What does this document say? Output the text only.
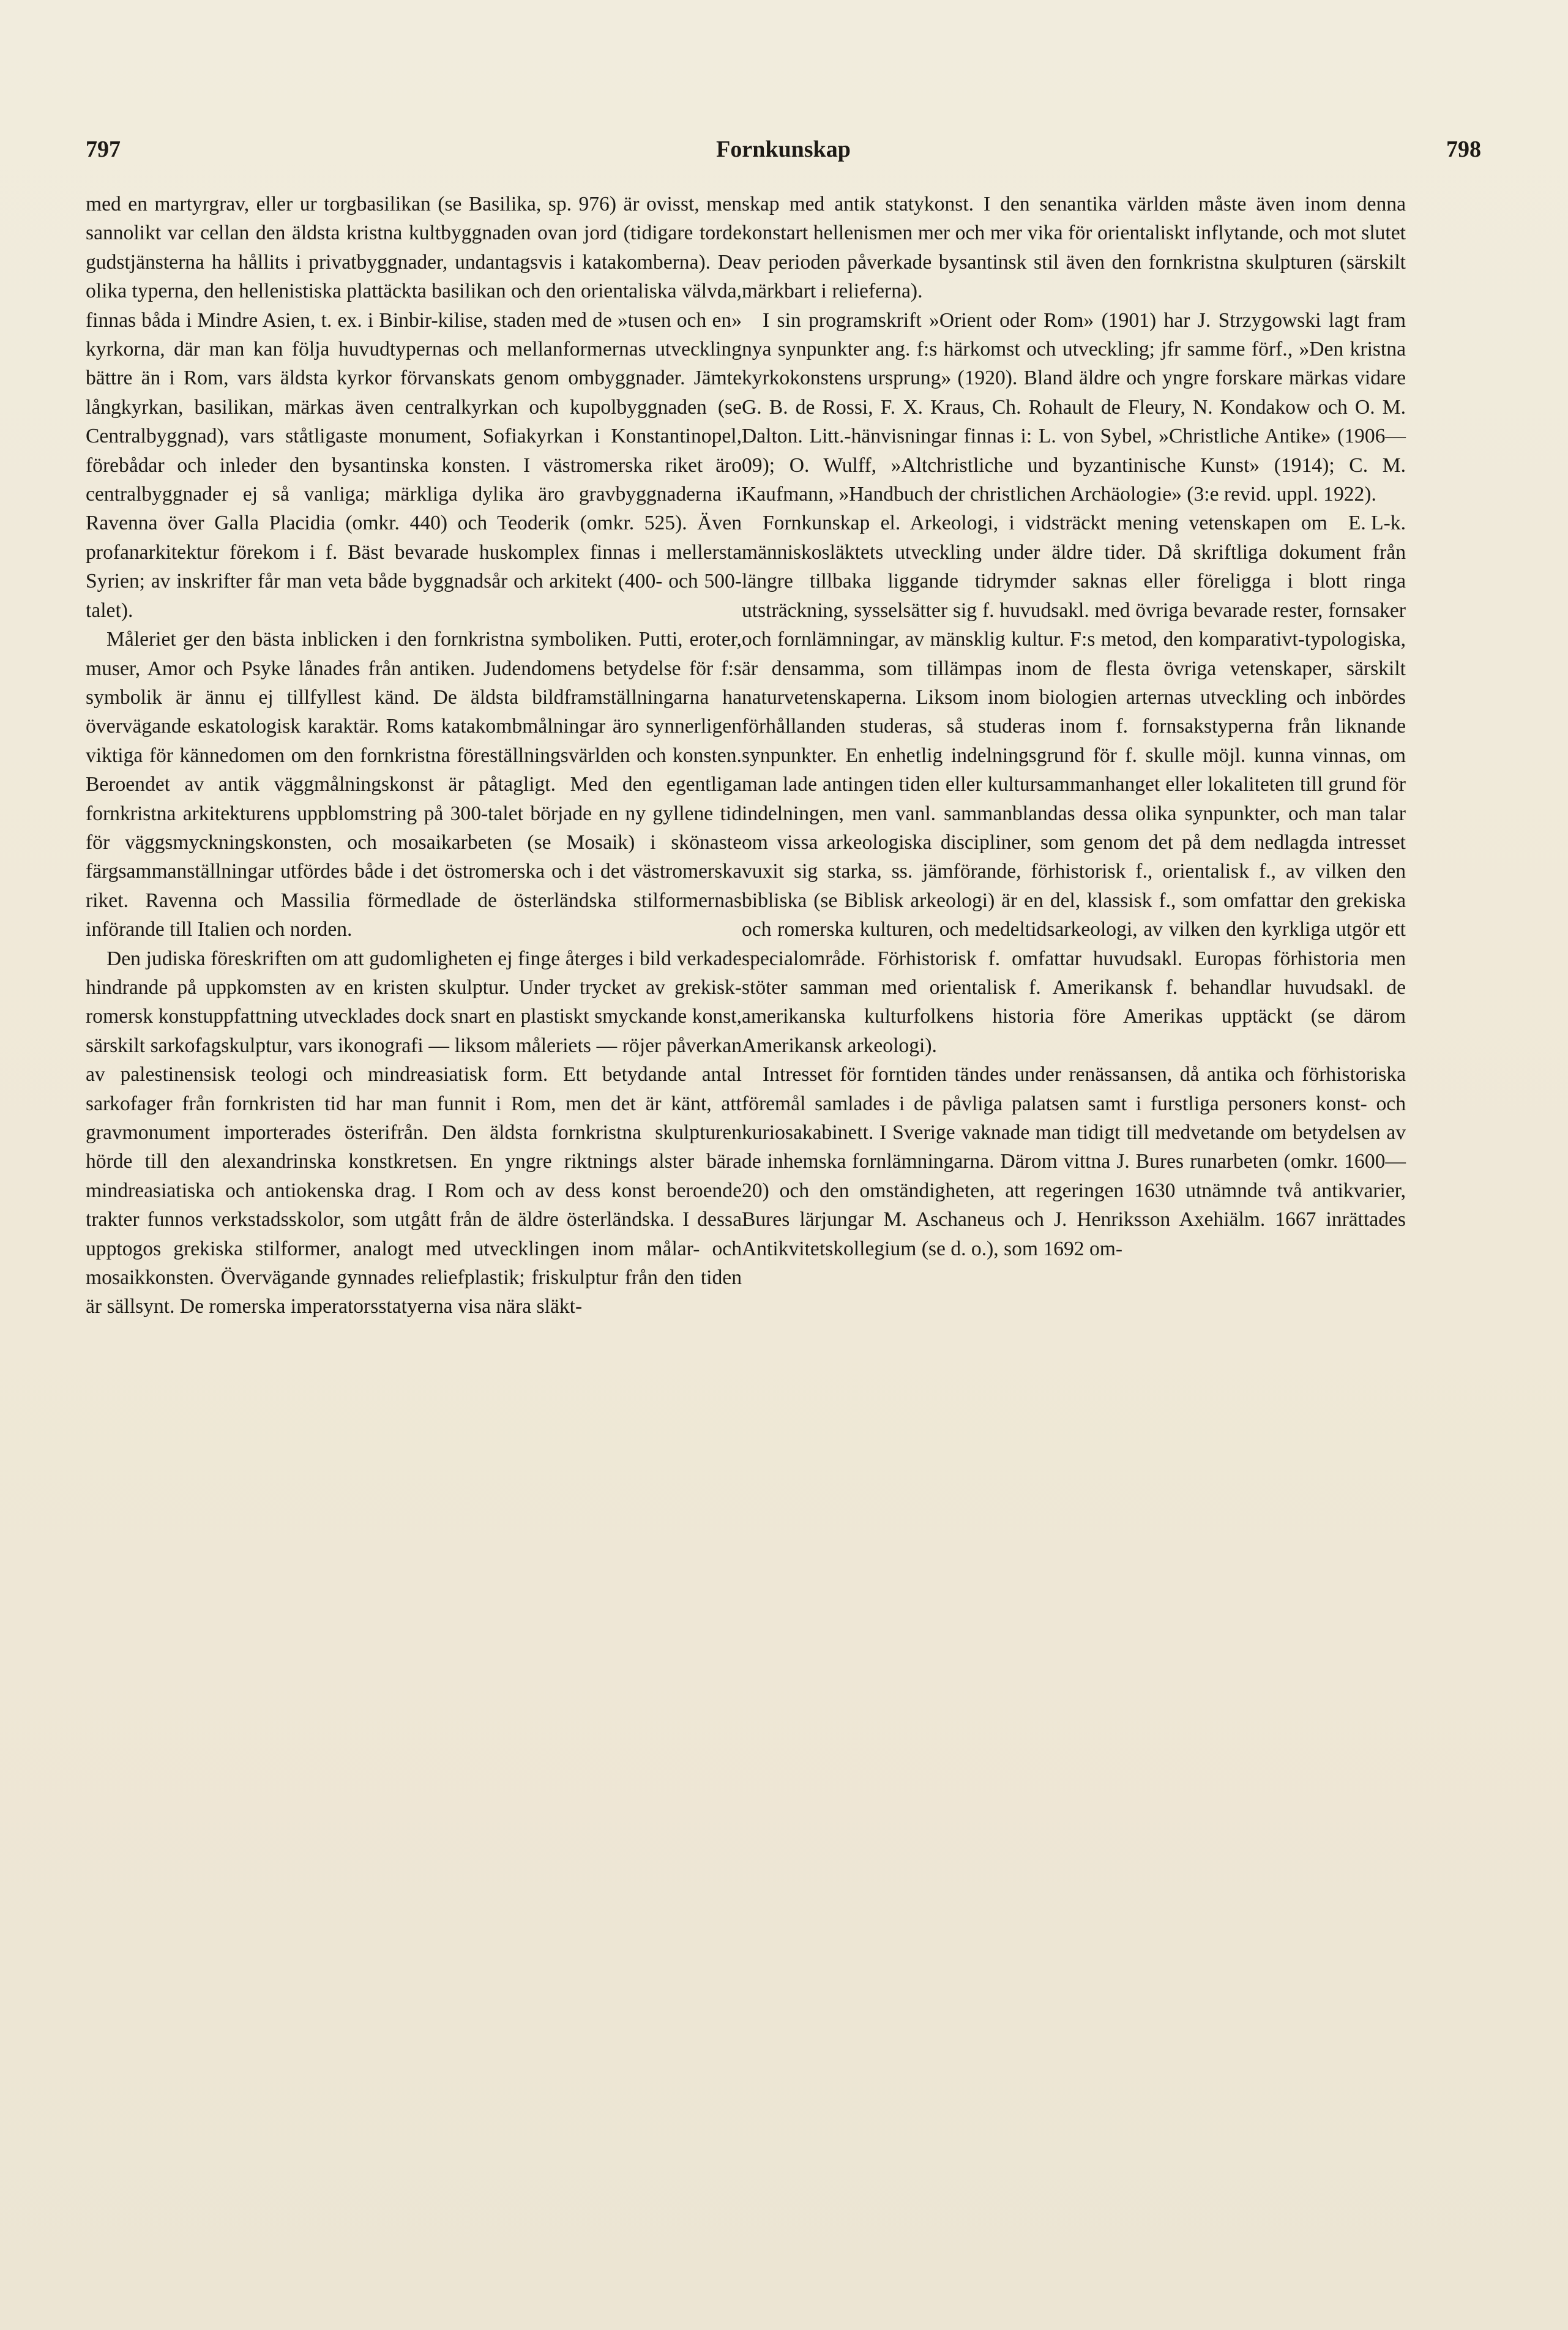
797	Fornkunskap	798

med en martyrgrav, eller ur torgbasilikan (se Basilika, sp. 976) är ovisst, men sannolikt var cellan den äldsta kristna kultbyggnaden ovan jord (tidigare torde gudstjänsterna ha hållits i privatbyggnader, undantagsvis i katakomberna). De olika typerna, den hellenistiska plattäckta basilikan och den orientaliska välvda, finnas båda i Mindre Asien, t. ex. i Binbir-kilise, staden med de »tusen och en» kyrkorna, där man kan följa huvudtypernas och mellanformernas utveckling bättre än i Rom, vars äldsta kyrkor förvanskats genom ombyggnader. Jämte långkyrkan, basilikan, märkas även centralkyrkan och kupolbyggnaden (se Centralbyggnad), vars ståtligaste monument, Sofiakyrkan i Konstantinopel, förebådar och inleder den bysantinska konsten. I västromerska riket äro centralbyggnader ej så vanliga; märkliga dylika äro gravbyggnaderna i Ravenna över Galla Placidia (omkr. 440) och Teoderik (omkr. 525). Även profanarkitektur förekom i f. Bäst bevarade huskomplex finnas i mellersta Syrien; av inskrifter får man veta både byggnadsår och arkitekt (400- och 500-talet).

Måleriet ger den bästa inblicken i den fornkristna symboliken. Putti, eroter, muser, Amor och Psyke lånades från antiken. Judendomens betydelse för f:s symbolik är ännu ej tillfyllest känd. De äldsta bildframställningarna ha övervägande eskatologisk karaktär. Roms katakombmålningar äro synnerligen viktiga för kännedomen om den fornkristna föreställningsvärlden och konsten. Beroendet av antik väggmålningskonst är påtagligt. Med den egentliga fornkristna arkitekturens uppblomstring på 300-talet började en ny gyllene tid för väggsmyckningskonsten, och mosaikarbeten (se Mosaik) i skönaste färgsammanställningar utfördes både i det östromerska och i det västromerska riket. Ravenna och Massilia förmedlade de österländska stilformernas införande till Italien och norden.

Den judiska föreskriften om att gudomligheten ej finge återges i bild verkade hindrande på uppkomsten av en kristen skulptur. Under trycket av grekisk-romersk konstuppfattning utvecklades dock snart en plastiskt smyckande konst, särskilt sarkofagskulptur, vars ikonografi — liksom måleriets — röjer påverkan av palestinensisk teologi och mindreasiatisk form. Ett betydande antal sarkofager från fornkristen tid har man funnit i Rom, men det är känt, att gravmonument importerades österifrån. Den äldsta fornkristna skulpturen hörde till den alexandrinska konstkretsen. En yngre riktnings alster bära mindreasiatiska och antiokenska drag. I Rom och av dess konst beroende trakter funnos verkstadsskolor, som utgått från de äldre österländska. I dessa upptogos grekiska stilformer, analogt med utvecklingen inom målar- och mosaikkonsten. Övervägande gynnades reliefplastik; friskulptur från den tiden är sällsynt. De romerska imperatorsstatyerna visa nära släkt-

skap med antik statykonst. I den senantika världen måste även inom denna konstart hellenismen mer och mer vika för orientaliskt inflytande, och mot slutet av perioden påverkade bysantinsk stil även den fornkristna skulpturen (särskilt märkbart i relieferna).

I sin programskrift »Orient oder Rom» (1901) har J. Strzygowski lagt fram nya synpunkter ang. f:s härkomst och utveckling; jfr samme förf., »Den kristna kyrkokonstens ursprung» (1920). Bland äldre och yngre forskare märkas vidare G. B. de Rossi, F. X. Kraus, Ch. Rohault de Fleury, N. Kondakow och O. M. Dalton. Litt.-hänvisningar finnas i: L. von Sybel, »Christliche Antike» (1906—09); O. Wulff, »Altchristliche und byzantinische Kunst» (1914); C. M. Kaufmann, »Handbuch der christlichen Archäologie» (3:e revid. uppl. 1922).
E. L-k.

Fornkunskap el. Arkeologi, i vidsträckt mening vetenskapen om människosläktets utveckling under äldre tider. Då skriftliga dokument från längre tillbaka liggande tidrymder saknas eller föreligga i blott ringa utsträckning, sysselsätter sig f. huvudsakl. med övriga bevarade rester, fornsaker och fornlämningar, av mänsklig kultur. F:s metod, den komparativt-typologiska, är densamma, som tillämpas inom de flesta övriga vetenskaper, särskilt naturvetenskaperna. Liksom inom biologien arternas utveckling och inbördes förhållanden studeras, så studeras inom f. fornsakstyperna från liknande synpunkter. En enhetlig indelningsgrund för f. skulle möjl. kunna vinnas, om man lade antingen tiden eller kultursammanhanget eller lokaliteten till grund för indelningen, men vanl. sammanblandas dessa olika synpunkter, och man talar om vissa arkeologiska discipliner, som genom det på dem nedlagda intresset vuxit sig starka, ss. jämförande, förhistorisk f., orientalisk f., av vilken den bibliska (se Biblisk arkeologi) är en del, klassisk f., som omfattar den grekiska och romerska kulturen, och medeltidsarkeologi, av vilken den kyrkliga utgör ett specialområde. Förhistorisk f. omfattar huvudsakl. Europas förhistoria men stöter samman med orientalisk f. Amerikansk f. behandlar huvudsakl. de amerikanska kulturfolkens historia före Amerikas upptäckt (se därom Amerikansk arkeologi).

Intresset för forntiden tändes under renässansen, då antika och förhistoriska föremål samlades i de påvliga palatsen samt i furstliga personers konst- och kuriosakabinett. I Sverige vaknade man tidigt till medvetande om betydelsen av de inhemska fornlämningarna. Därom vittna J. Bures runarbeten (omkr. 1600—20) och den omständigheten, att regeringen 1630 utnämnde två antikvarier, Bures lärjungar M. Aschaneus och J. Henriksson Axehiälm. 1667 inrättades Antikvitetskollegium (se d. o.), som 1692 om-
